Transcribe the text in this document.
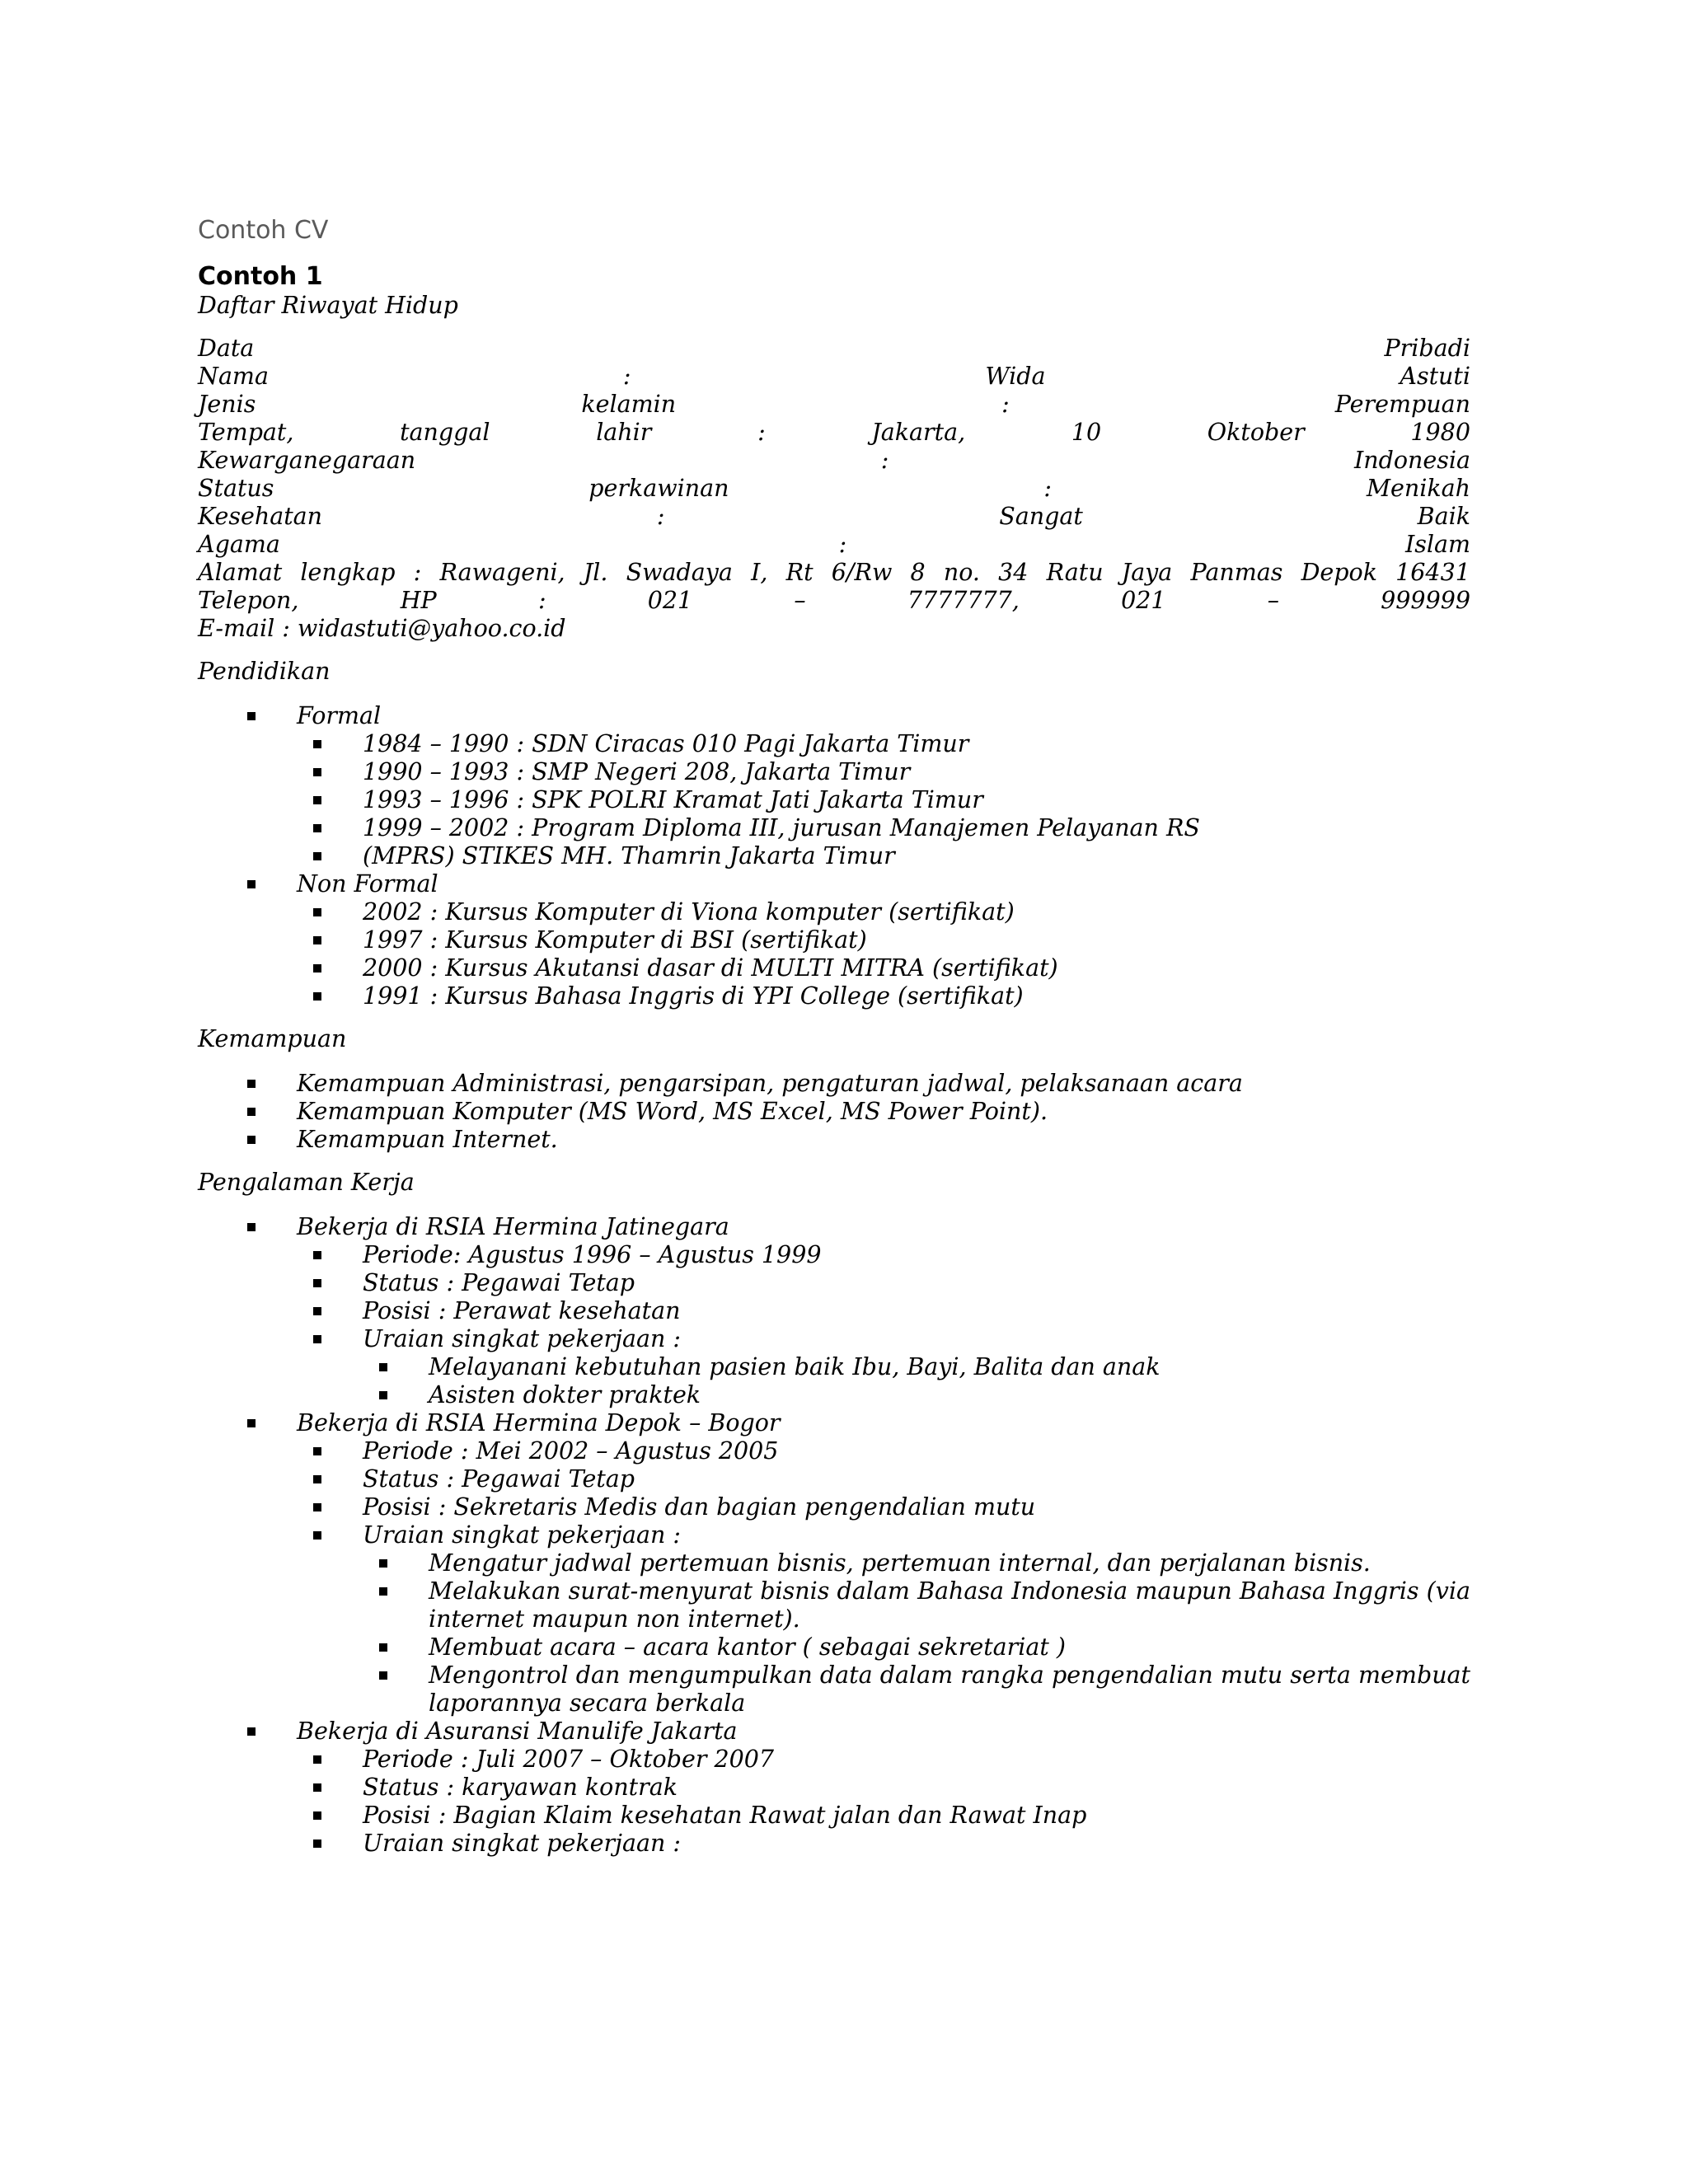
Contoh CV
Contoh 1
Daftar Riwayat Hidup
Data	Pribadi
Nama	:	Wida	Astuti
Jenis	kelamin	:	Perempuan
Tempat,	tanggal	lahir	:	Jakarta,	10	Oktober	1980
Kewarganegaraan	:	Indonesia
Status	perkawinan	:	Menikah
Kesehatan	:	Sangat	Baik
Agama	:	Islam
Alamat lengkap : Rawageni, Jl. Swadaya I, Rt 6/Rw 8 no. 34 Ratu Jaya Panmas Depok 16431
Telepon,	HP	:	021	–	7777777,	021	–	999999
E-mail : widastuti@yahoo.co.id
Pendidikan
Formal
1984 – 1990 : SDN Ciracas 010 Pagi Jakarta Timur
1990 – 1993 : SMP Negeri 208, Jakarta Timur
1993 – 1996 : SPK POLRI Kramat Jati Jakarta Timur
1999 – 2002 : Program Diploma III, jurusan Manajemen Pelayanan RS
(MPRS) STIKES MH. Thamrin Jakarta Timur
Non Formal
2002 : Kursus Komputer di Viona komputer (sertifikat)
1997 : Kursus Komputer di BSI (sertifikat)
2000 : Kursus Akutansi dasar di MULTI MITRA (sertifikat)
1991 : Kursus Bahasa Inggris di YPI College (sertifikat)
Kemampuan
Kemampuan Administrasi, pengarsipan, pengaturan jadwal, pelaksanaan acara
Kemampuan Komputer (MS Word, MS Excel, MS Power Point).
Kemampuan Internet.
Pengalaman Kerja
Bekerja di RSIA Hermina Jatinegara
Periode: Agustus 1996 – Agustus 1999
Status : Pegawai Tetap
Posisi : Perawat kesehatan
Uraian singkat pekerjaan :
Melayanani kebutuhan pasien baik Ibu, Bayi, Balita dan anak
Asisten dokter praktek
Bekerja di RSIA Hermina Depok – Bogor
Periode : Mei 2002 – Agustus 2005
Status : Pegawai Tetap
Posisi : Sekretaris Medis dan bagian pengendalian mutu
Uraian singkat pekerjaan :
Mengatur jadwal pertemuan bisnis, pertemuan internal, dan perjalanan bisnis.
Melakukan surat-menyurat bisnis dalam Bahasa Indonesia maupun Bahasa Inggris (via internet maupun non internet).
Membuat acara – acara kantor ( sebagai sekretariat )
Mengontrol dan mengumpulkan data dalam rangka pengendalian mutu serta membuat laporannya secara berkala
Bekerja di Asuransi Manulife Jakarta
Periode : Juli 2007 – Oktober 2007
Status : karyawan kontrak
Posisi : Bagian Klaim kesehatan Rawat jalan dan Rawat Inap
Uraian singkat pekerjaan :
